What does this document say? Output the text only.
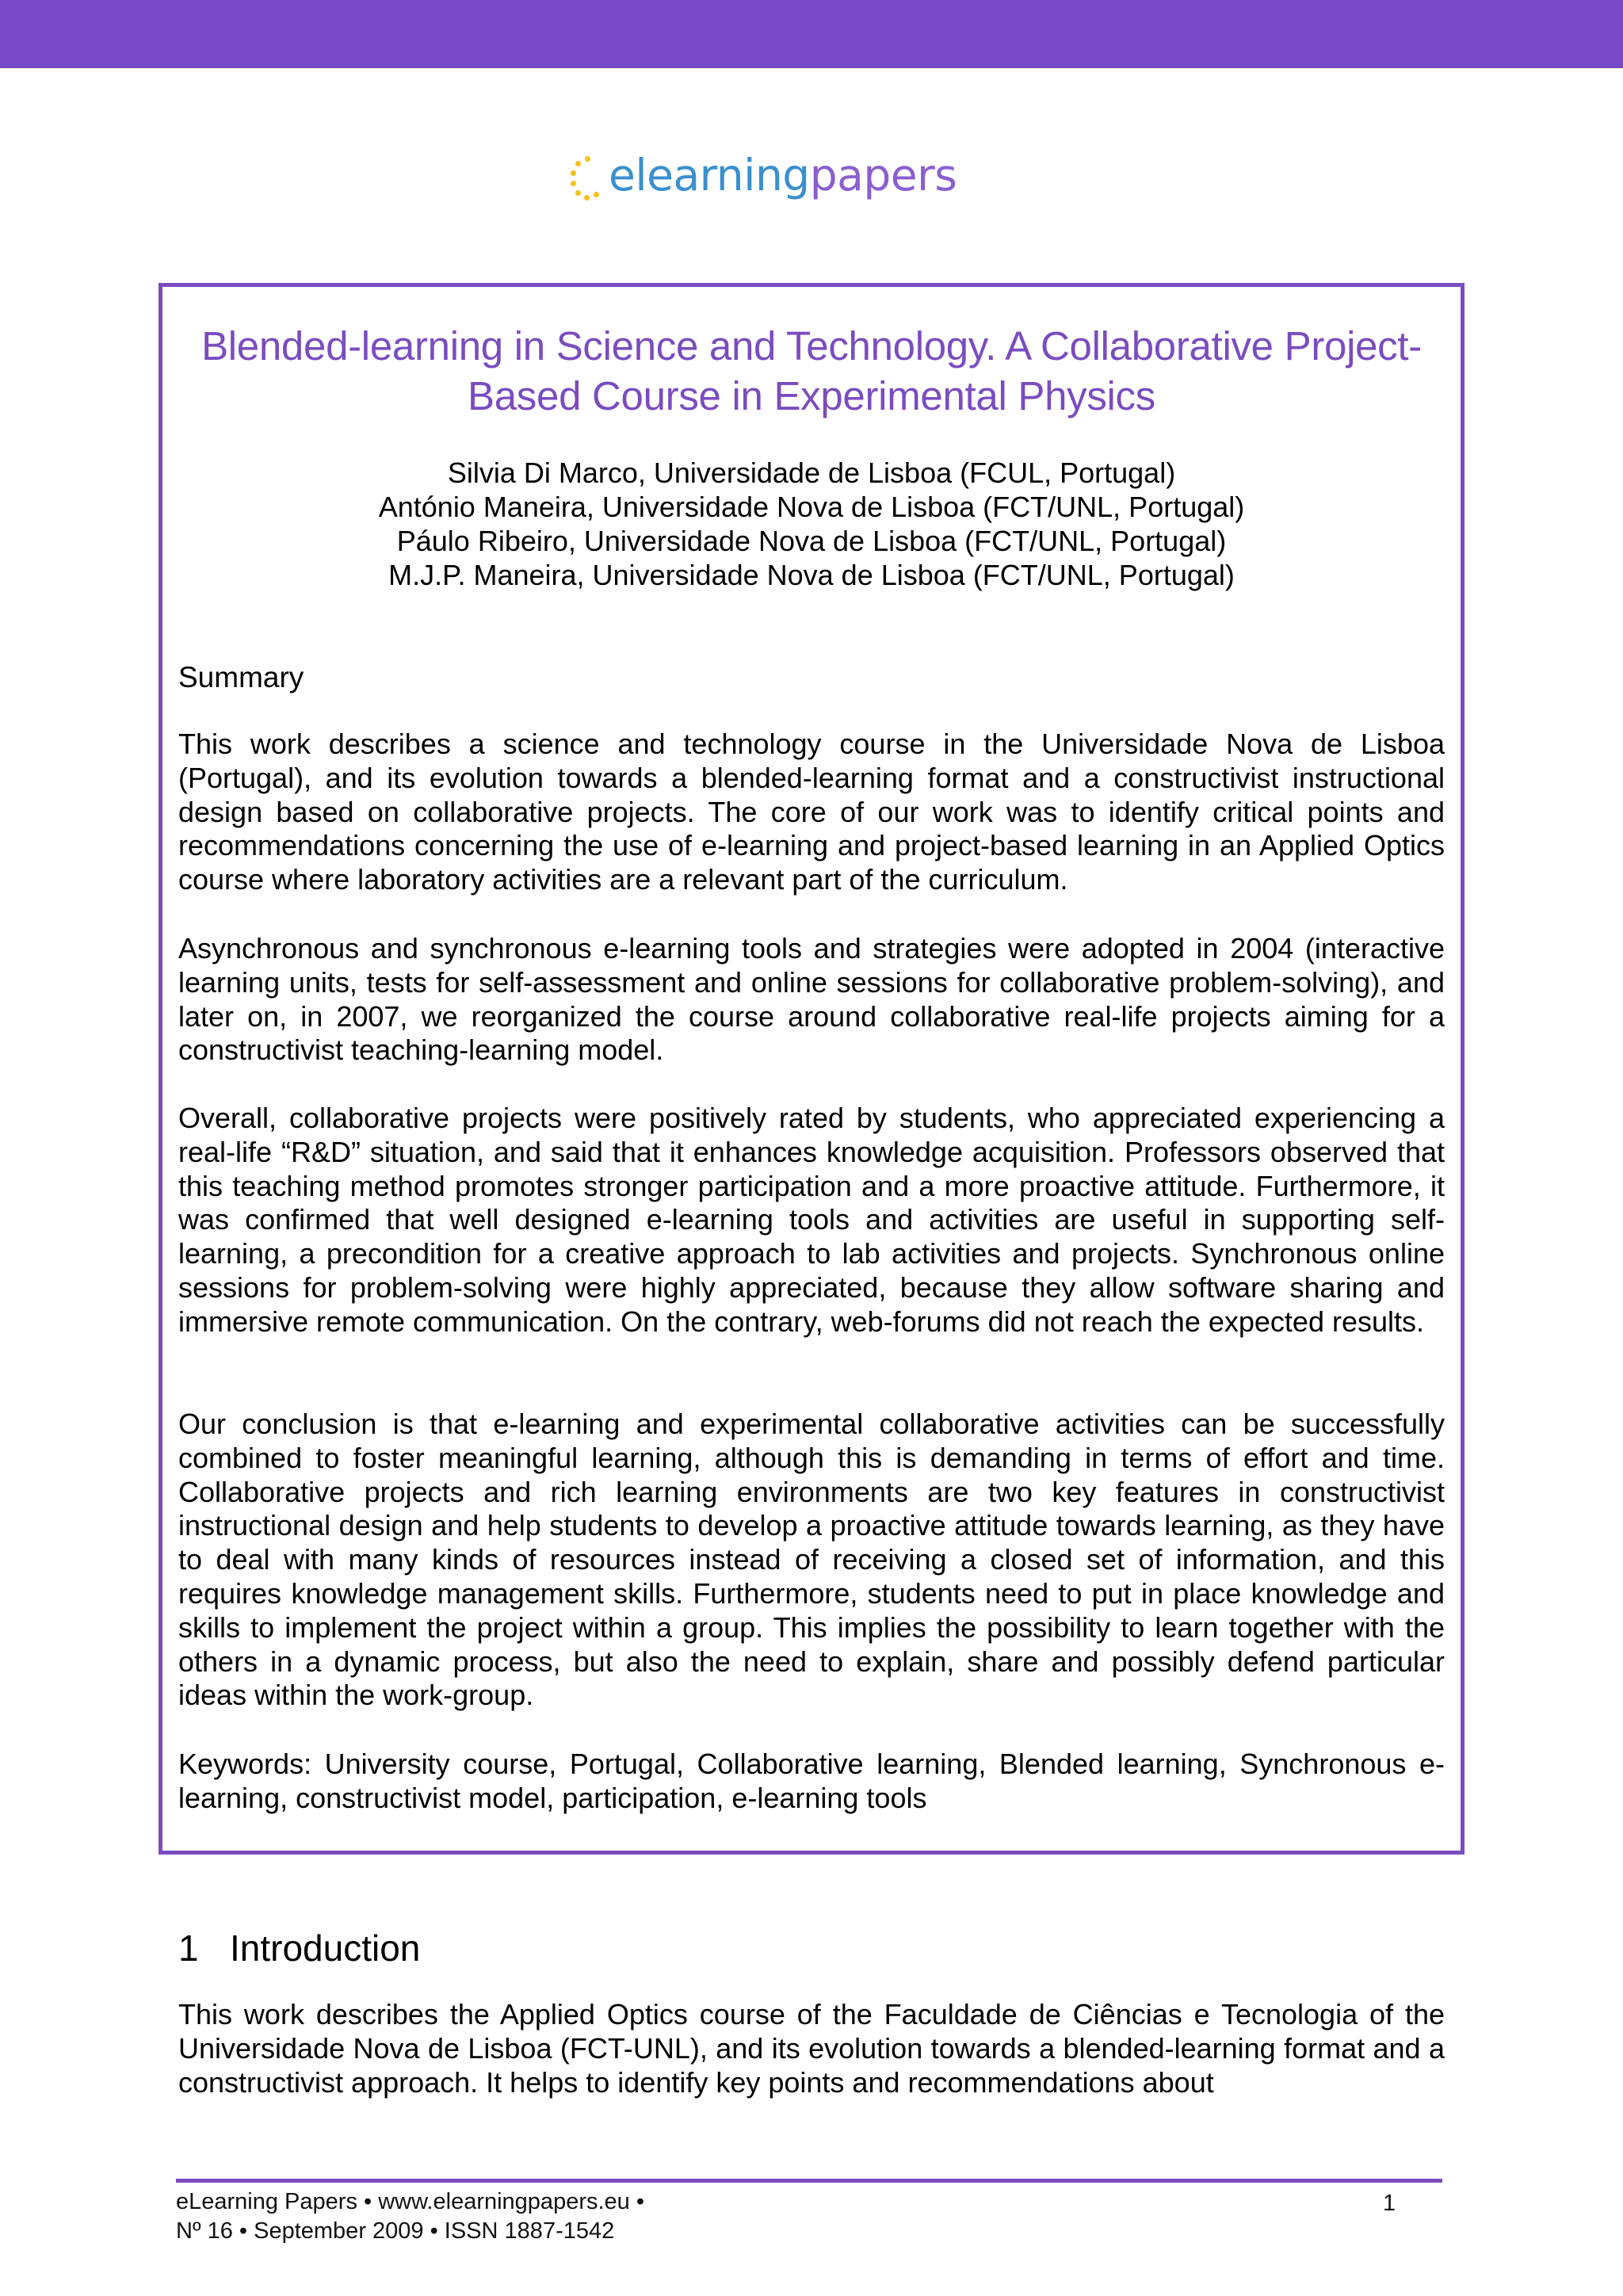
elearningpapers
Blended-learning in Science and Technology. A Collaborative Project-Based Course in Experimental Physics
Silvia Di Marco, Universidade de Lisboa (FCUL, Portugal)
António Maneira, Universidade Nova de Lisboa (FCT/UNL, Portugal)
Páulo Ribeiro, Universidade Nova de Lisboa (FCT/UNL, Portugal)
M.J.P. Maneira, Universidade Nova de Lisboa (FCT/UNL, Portugal)
Summary

This work describes a science and technology course in the Universidade Nova de Lisboa (Portugal), and its evolution towards a blended-learning format and a constructivist instructional design based on collaborative projects. The core of our work was to identify critical points and recommendations concerning the use of e-learning and project-based learning in an Applied Optics course where laboratory activities are a relevant part of the curriculum.

Asynchronous and synchronous e-learning tools and strategies were adopted in 2004 (interactive learning units, tests for self-assessment and online sessions for collaborative problem-solving), and later on, in 2007, we reorganized the course around collaborative real-life projects aiming for a constructivist teaching-learning model.

Overall, collaborative projects were positively rated by students, who appreciated experiencing a real-life “R&D” situation, and said that it enhances knowledge acquisition. Professors observed that this teaching method promotes stronger participation and a more proactive attitude. Furthermore, it was confirmed that well designed e-learning tools and activities are useful in supporting self-learning, a precondition for a creative approach to lab activities and projects. Synchronous online sessions for problem-solving were highly appreciated, because they allow software sharing and immersive remote communication. On the contrary, web-forums did not reach the expected results.

Our conclusion is that e-learning and experimental collaborative activities can be successfully combined to foster meaningful learning, although this is demanding in terms of effort and time. Collaborative projects and rich learning environments are two key features in constructivist instructional design and help students to develop a proactive attitude towards learning, as they have to deal with many kinds of resources instead of receiving a closed set of information, and this requires knowledge management skills. Furthermore, students need to put in place knowledge and skills to implement the project within a group. This implies the possibility to learn together with the others in a dynamic process, but also the need to explain, share and possibly defend particular ideas within the work-group.

Keywords: University course, Portugal, Collaborative learning, Blended learning, Synchronous e-learning, constructivist model, participation, e-learning tools

1 Introduction

This work describes the Applied Optics course of the Faculdade de Ciências e Tecnologia of the Universidade Nova de Lisboa (FCT-UNL), and its evolution towards a blended-learning format and a constructivist approach. It helps to identify key points and recommendations about

eLearning Papers • www.elearningpapers.eu •
Nº 16 • September 2009 • ISSN 1887-1542
1
